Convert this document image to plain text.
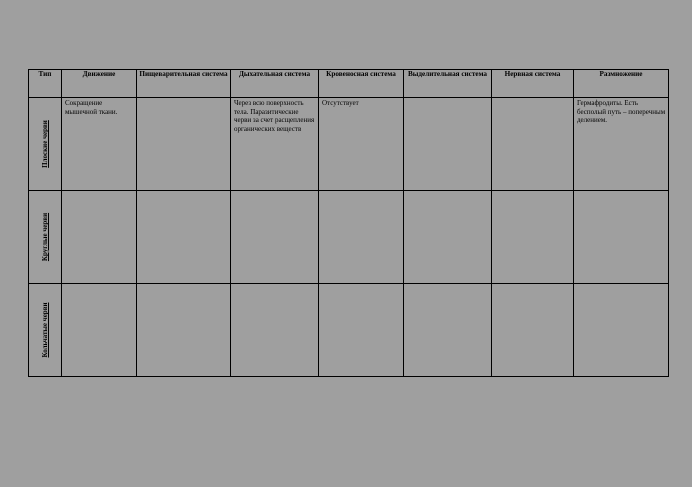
Тип	Движение	Пищеварительная система	Дыхательная система	Кровеносная система	Выделительная система	Нервная система	Размножение

Плоские черви	Сокращение мышечной ткани.		Через всю поверхность тела. Паразитические черви за счет расщепления органических веществ	Отсутствует			Гермафродиты. Есть бесполый путь – поперечным делением.

Круглые черви							

Кольчатые черви							
